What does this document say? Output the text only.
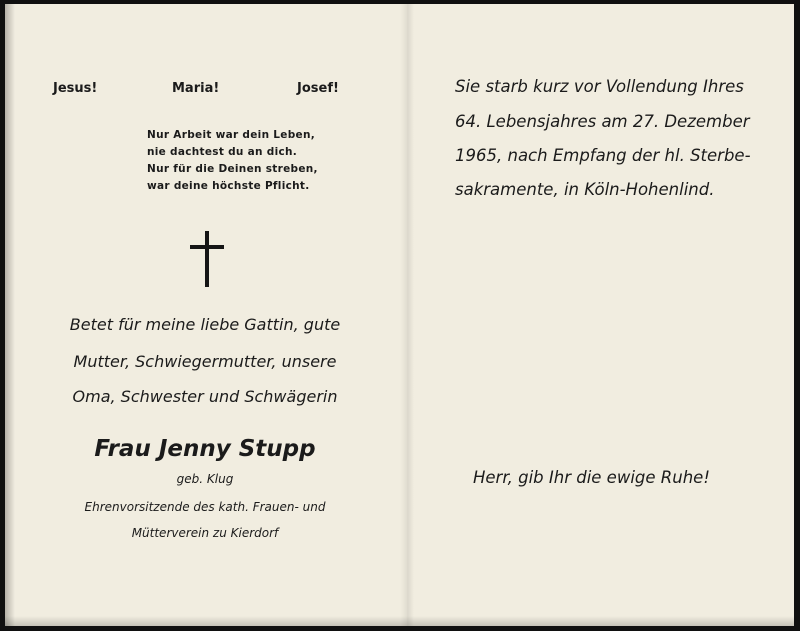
Jesus!	Maria!	Josef!
Nur Arbeit war dein Leben,
nie dachtest du an dich.
Nur für die Deinen streben,
war deine höchste Pflicht.
Betet für meine liebe Gattin, gute
Mutter, Schwiegermutter, unsere
Oma, Schwester und Schwägerin
Frau Jenny Stupp
geb. Klug
Ehrenvorsitzende des kath. Frauen- und
Mütterverein zu Kierdorf
Sie starb kurz vor Vollendung Ihres
64. Lebensjahres am 27. Dezember
1965, nach Empfang der hl. Sterbe-
sakramente, in Köln-Hohenlind.
Herr, gib Ihr die ewige Ruhe!
